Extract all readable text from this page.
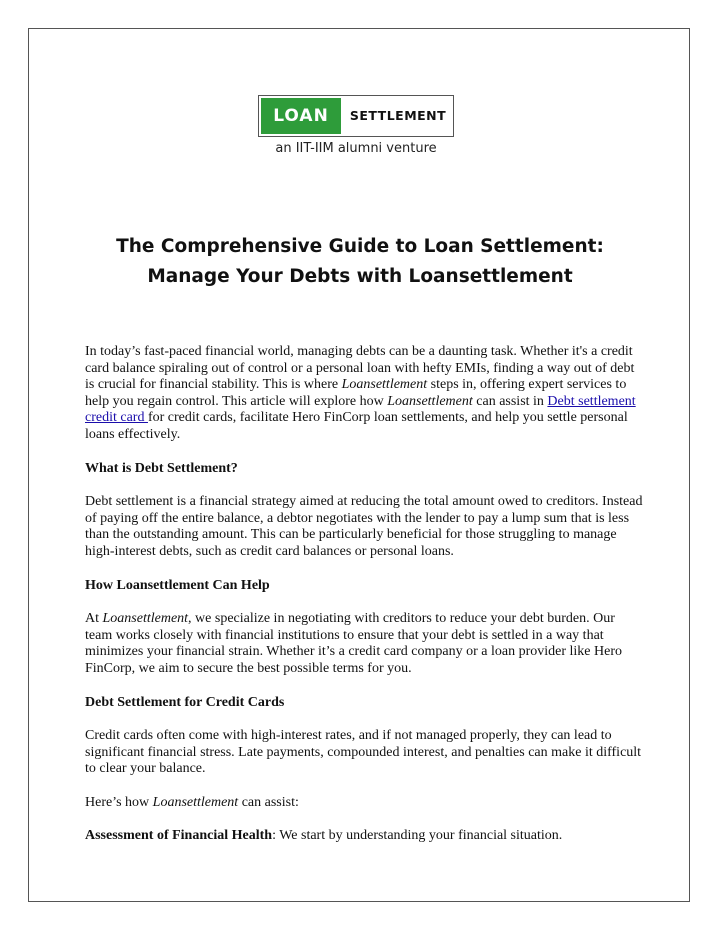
LOAN	SETTLEMENT
an IIT-IIM alumni venture
The Comprehensive Guide to Loan Settlement: Manage Your Debts with Loansettlement

In today’s fast-paced financial world, managing debts can be a daunting task. Whether it's a credit card balance spiraling out of control or a personal loan with hefty EMIs, finding a way out of debt is crucial for financial stability. This is where Loansettlement steps in, offering expert services to help you regain control. This article will explore how Loansettlement can assist in Debt settlement credit card for credit cards, facilitate Hero FinCorp loan settlements, and help you settle personal loans effectively.

What is Debt Settlement?

Debt settlement is a financial strategy aimed at reducing the total amount owed to creditors. Instead of paying off the entire balance, a debtor negotiates with the lender to pay a lump sum that is less than the outstanding amount. This can be particularly beneficial for those struggling to manage high-interest debts, such as credit card balances or personal loans.

How Loansettlement Can Help

At Loansettlement, we specialize in negotiating with creditors to reduce your debt burden. Our team works closely with financial institutions to ensure that your debt is settled in a way that minimizes your financial strain. Whether it’s a credit card company or a loan provider like Hero FinCorp, we aim to secure the best possible terms for you.

Debt Settlement for Credit Cards

Credit cards often come with high-interest rates, and if not managed properly, they can lead to significant financial stress. Late payments, compounded interest, and penalties can make it difficult to clear your balance.

Here’s how Loansettlement can assist:

Assessment of Financial Health: We start by understanding your financial situation.
